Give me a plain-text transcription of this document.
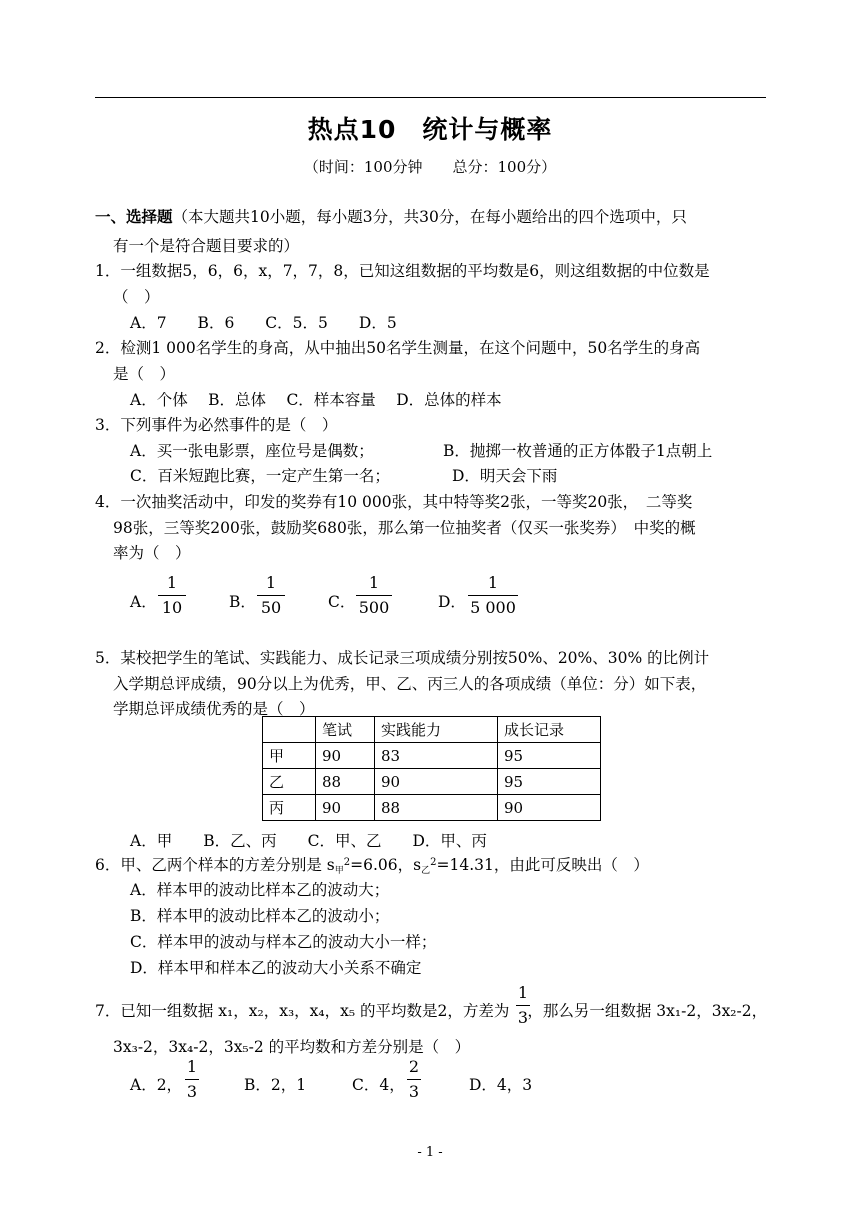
热点10　统计与概率
（时间：100分钟　　总分：100分）
一、选择题（本大题共10小题，每小题3分，共30分，在每小题给出的四个选项中，只
有一个是符合题目要求的）
1．一组数据5，6，6，x，7，7，8，已知这组数据的平均数是6，则这组数据的中位数是
（　）
A．7　　B．6　　C．5．5　　D．5
2．检测1 000名学生的身高，从中抽出50名学生测量，在这个问题中，50名学生的身高
是（　）
A．个体　 B．总体　 C．样本容量　 D．总体的样本
3．下列事件为必然事件的是（　）
A．买一张电影票，座位号是偶数；	B．抛掷一枚普通的正方体骰子1点朝上
C．百米短跑比赛，一定产生第一名；	D．明天会下雨
4．一次抽奖活动中，印发的奖券有10 000张，其中特等奖2张，一等奖20张，　二等奖
98张，三等奖200张，鼓励奖680张，那么第一位抽奖者（仅买一张奖券）　中奖的概
率为（　）
A．
1
10	B．
1
50	C．
1
500	D．
1
5 000
5．某校把学生的笔试、实践能力、成长记录三项成绩分别按50%、20%、30% 的比例计
入学期总评成绩，90分以上为优秀，甲、乙、丙三人的各项成绩（单位：分）如下表，
学期总评成绩优秀的是（　）
	笔试	实践能力	成长记录
甲	90	83	95
乙	88	90	95
丙	90	88	90
A．甲　　B．乙、丙　　C．甲、乙　　D．甲、丙
6．甲、乙两个样本的方差分别是 $s_甲^2=6.06$，$s_乙^2=14.31$，由此可反映出（　）
A．样本甲的波动比样本乙的波动大；
B．样本甲的波动比样本乙的波动小；
C．样本甲的波动与样本乙的波动大小一样；
D．样本甲和样本乙的波动大小关系不确定
7．已知一组数据 x₁，x₂，x₃，x₄，x₅ 的平均数是2，方差为 ，那么另一组数据 3x₁-2，3x₂-2，
1
3
3x₃-2，3x₄-2，3x₅-2 的平均数和方差分别是（　）
A．2，
1
3	B．2，1	C．4，
2
3	D．4，3
- 1 -
